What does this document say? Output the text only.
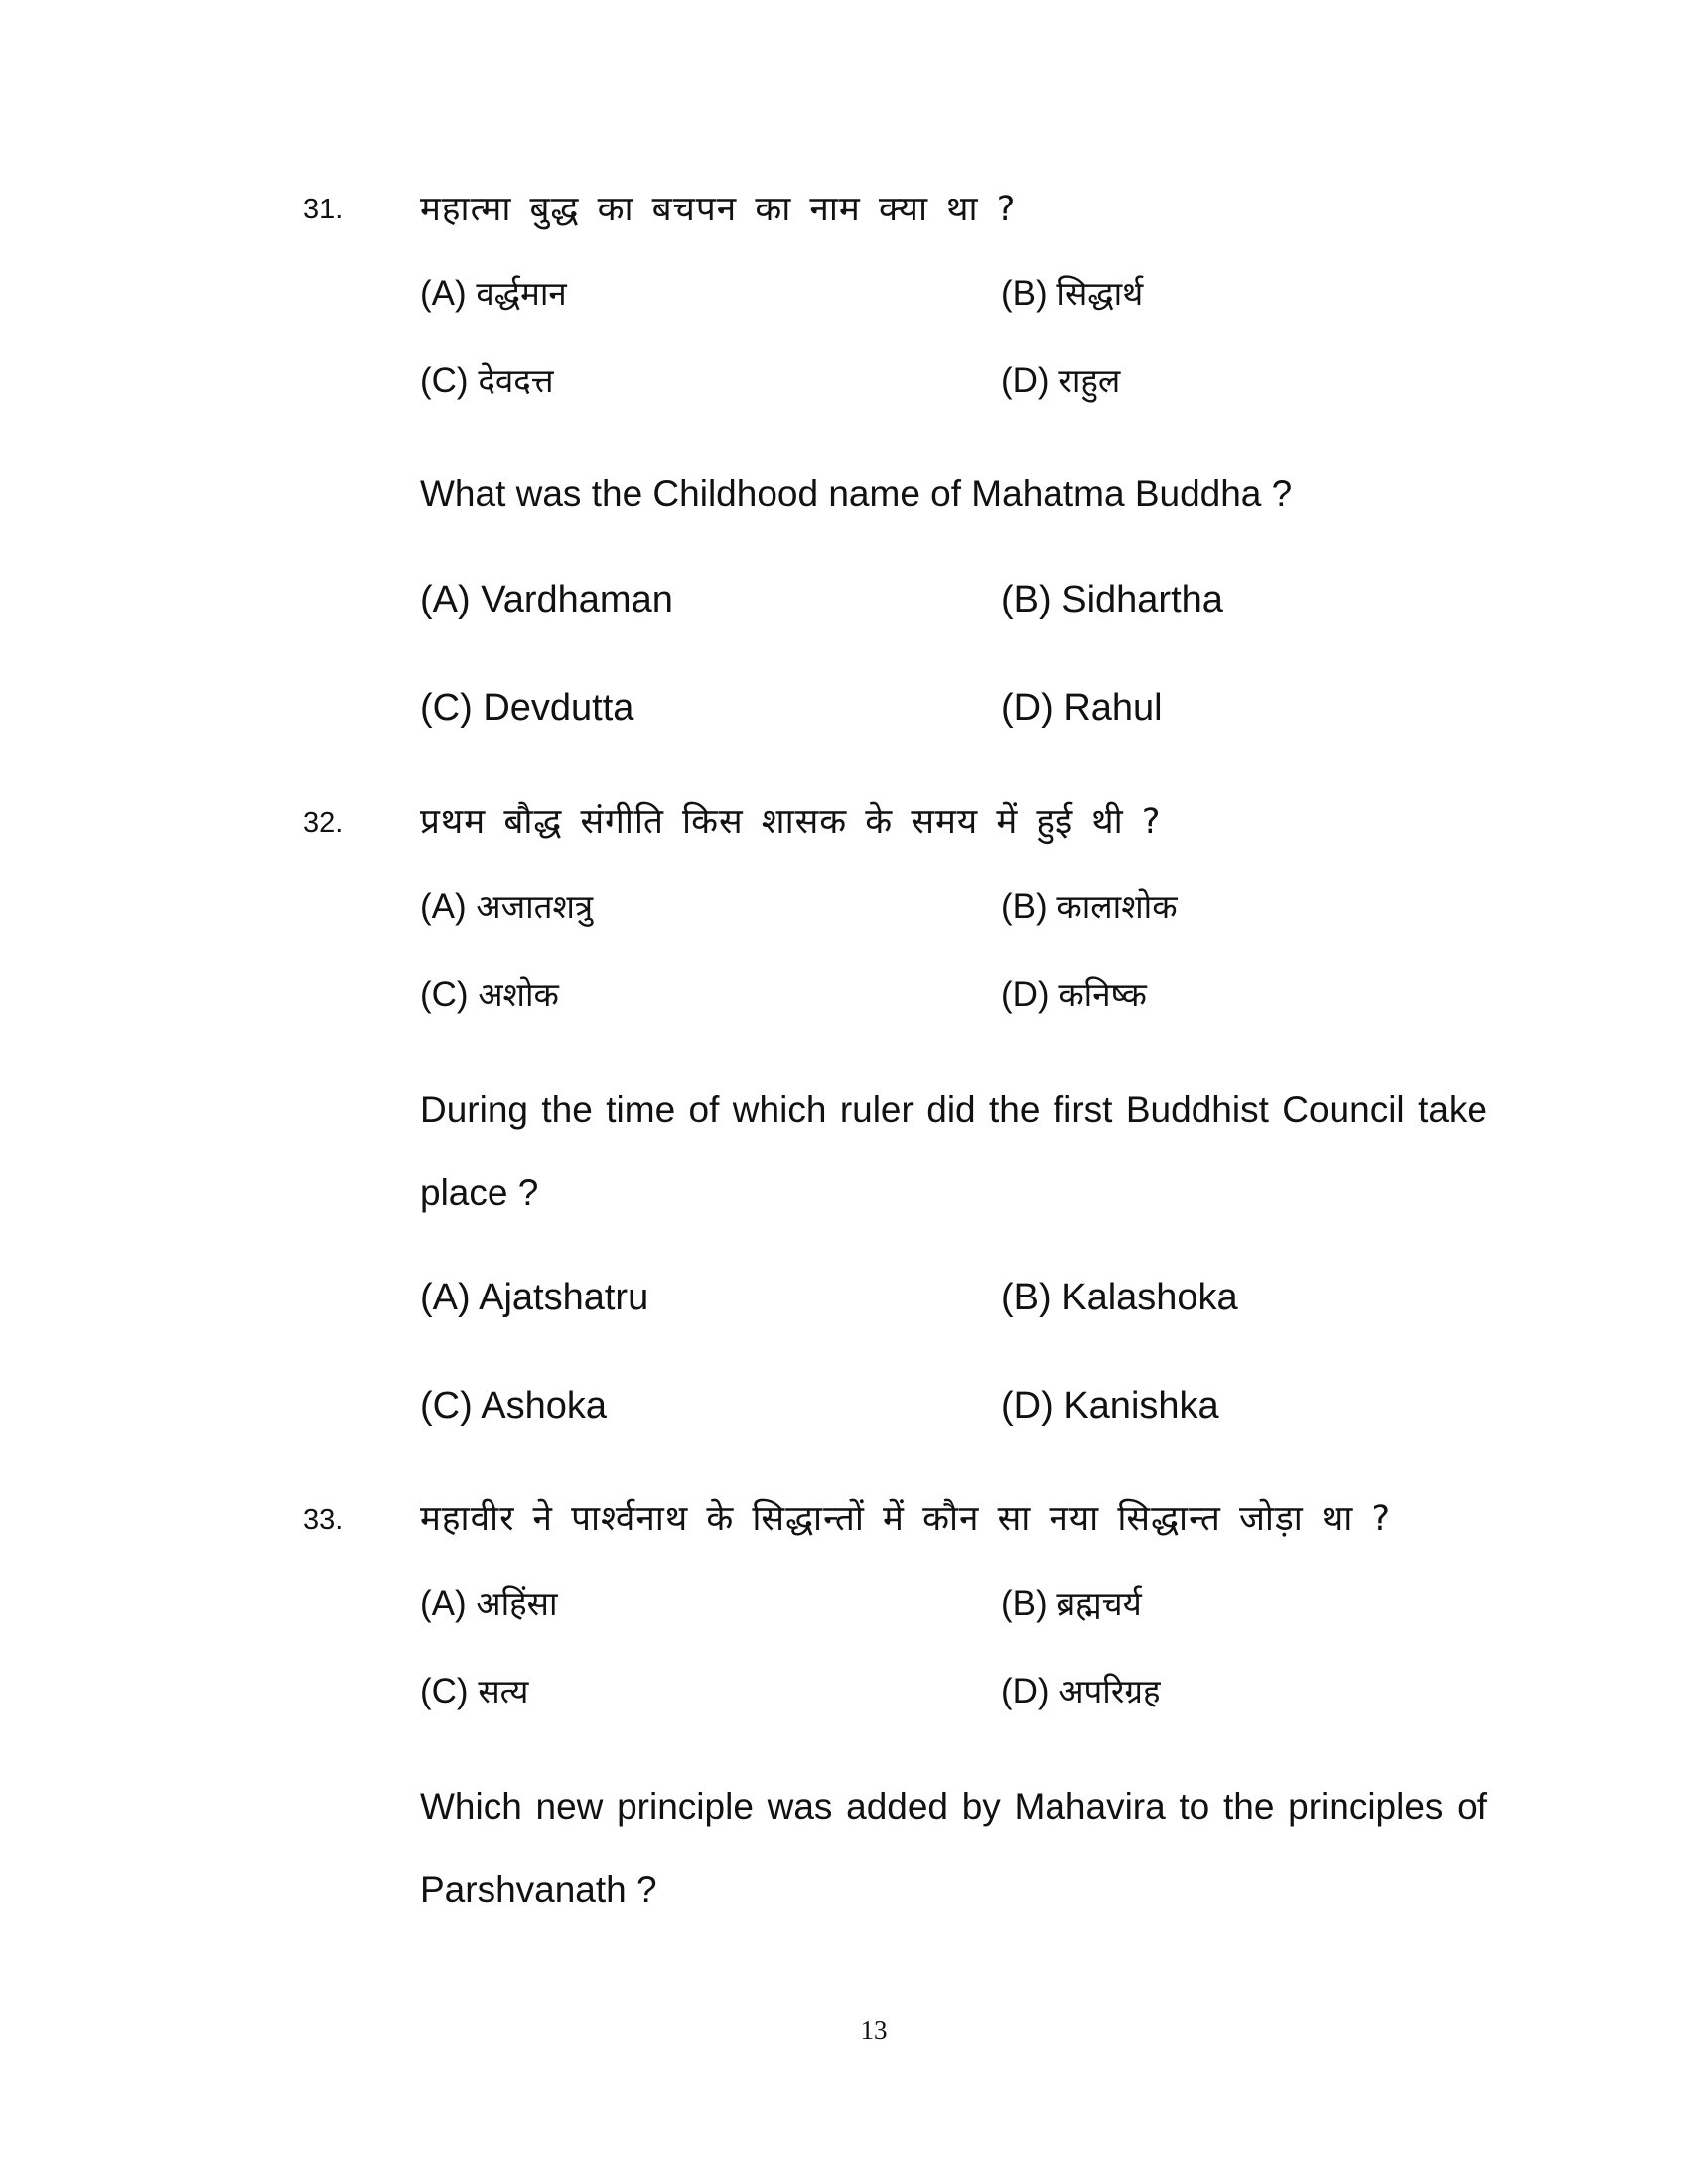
31. महात्मा बुद्ध का बचपन का नाम क्या था ?
(A) वर्द्धमान	(B) सिद्धार्थ
(C) देवदत्त	(D) राहुल
What was the Childhood name of Mahatma Buddha ?
(A) Vardhaman	(B) Sidhartha
(C) Devdutta	(D) Rahul
32. प्रथम बौद्ध संगीति किस शासक के समय में हुई थी ?
(A) अजातशत्रु	(B) कालाशोक
(C) अशोक	(D) कनिष्क
During the time of which ruler did the first Buddhist Council take place ?
(A) Ajatshatru	(B) Kalashoka
(C) Ashoka	(D) Kanishka
33. महावीर ने पार्श्वनाथ के सिद्धान्तों में कौन सा नया सिद्धान्त जोड़ा था ?
(A) अहिंसा	(B) ब्रह्मचर्य
(C) सत्य	(D) अपरिग्रह
Which new principle was added by Mahavira to the principles of Parshvanath ?
13
